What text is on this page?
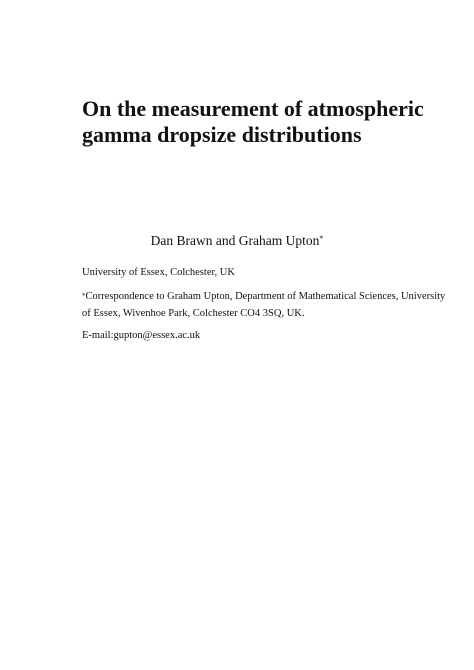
On the measurement of atmospheric
gamma dropsize distributions
Dan Brawn and Graham Upton*
University of Essex, Colchester, UK
*Correspondence to Graham Upton, Department of Mathematical Sciences, University
of Essex, Wivenhoe Park, Colchester CO4 3SQ, UK.
E-mail:gupton@essex.ac.uk
